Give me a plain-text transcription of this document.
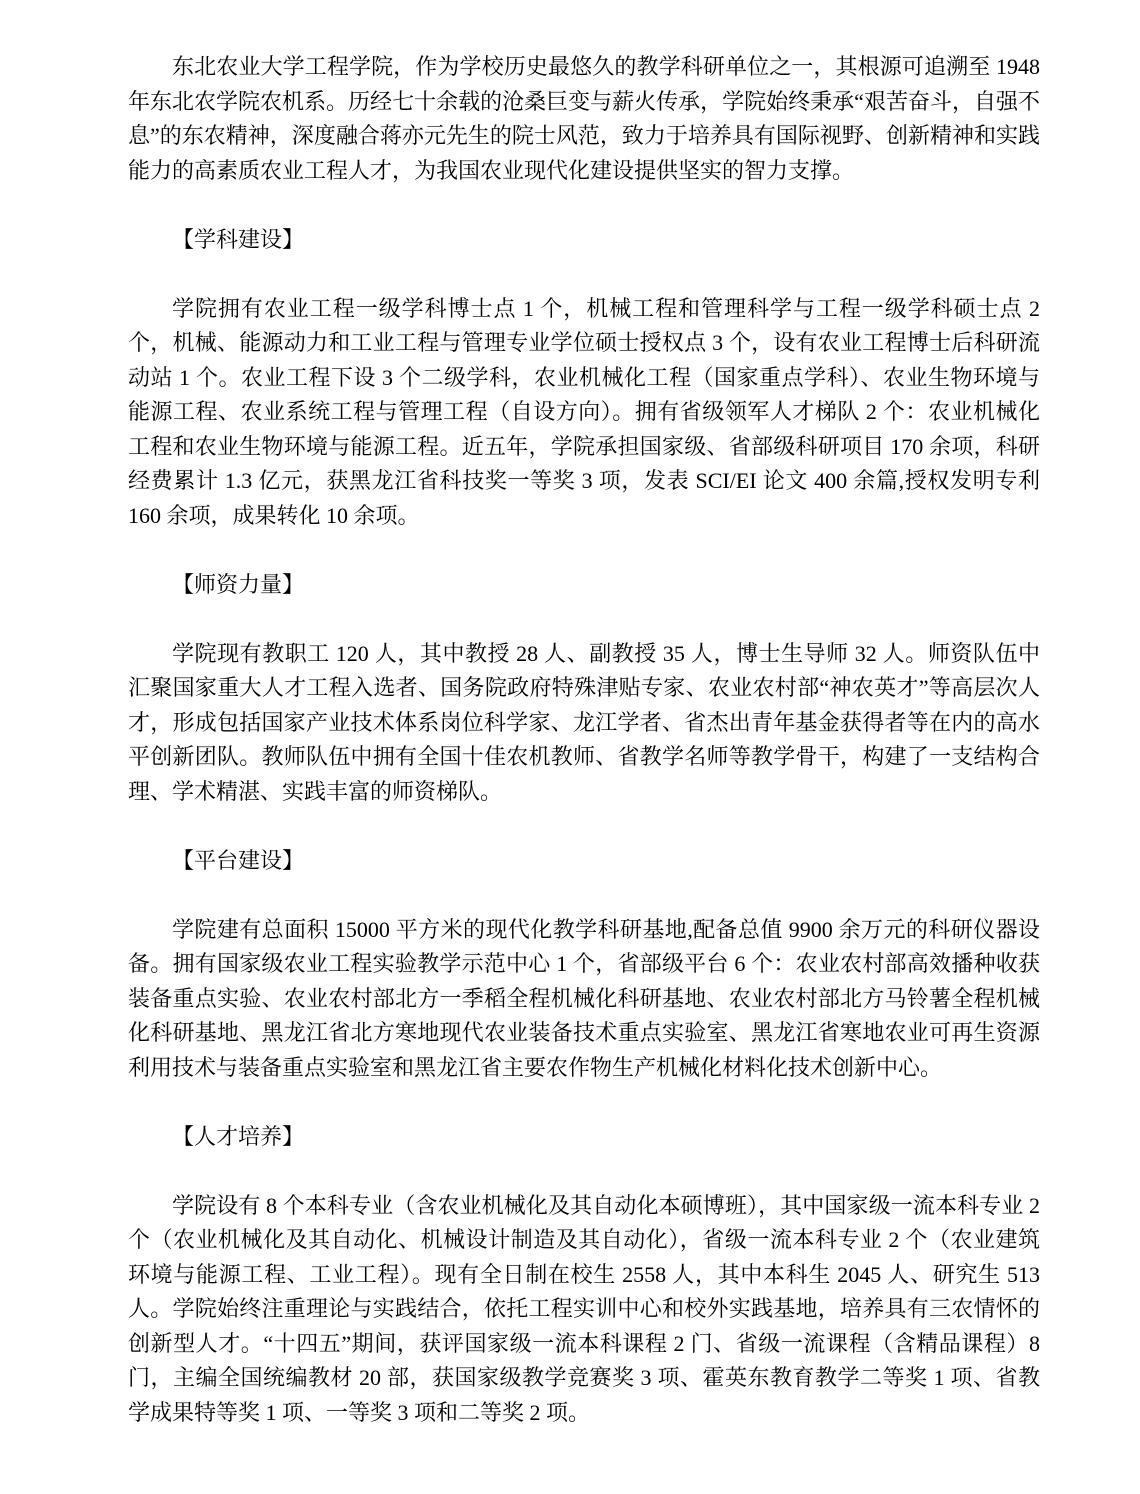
东北农业大学工程学院，作为学校历史最悠久的教学科研单位之一，其根源可追溯至 1948 年东北农学院农机系。历经七十余载的沧桑巨变与薪火传承，学院始终秉承“艰苦奋斗，自强不息”的东农精神，深度融合蒋亦元先生的院士风范，致力于培养具有国际视野、创新精神和实践能力的高素质农业工程人才，为我国农业现代化建设提供坚实的智力支撑。

【学科建设】

学院拥有农业工程一级学科博士点 1 个，机械工程和管理科学与工程一级学科硕士点 2 个，机械、能源动力和工业工程与管理专业学位硕士授权点 3 个，设有农业工程博士后科研流动站 1 个。农业工程下设 3 个二级学科，农业机械化工程（国家重点学科）、农业生物环境与能源工程、农业系统工程与管理工程（自设方向）。拥有省级领军人才梯队 2 个：农业机械化工程和农业生物环境与能源工程。近五年，学院承担国家级、省部级科研项目 170 余项，科研经费累计 1.3 亿元，获黑龙江省科技奖一等奖 3 项，发表 SCI/EI 论文 400 余篇,授权发明专利 160 余项，成果转化 10 余项。

【师资力量】

学院现有教职工 120 人，其中教授 28 人、副教授 35 人，博士生导师 32 人。师资队伍中汇聚国家重大人才工程入选者、国务院政府特殊津贴专家、农业农村部“神农英才”等高层次人才，形成包括国家产业技术体系岗位科学家、龙江学者、省杰出青年基金获得者等在内的高水平创新团队。教师队伍中拥有全国十佳农机教师、省教学名师等教学骨干，构建了一支结构合理、学术精湛、实践丰富的师资梯队。

【平台建设】

学院建有总面积 15000 平方米的现代化教学科研基地,配备总值 9900 余万元的科研仪器设备。拥有国家级农业工程实验教学示范中心 1 个，省部级平台 6 个：农业农村部高效播种收获装备重点实验、农业农村部北方一季稻全程机械化科研基地、农业农村部北方马铃薯全程机械化科研基地、黑龙江省北方寒地现代农业装备技术重点实验室、黑龙江省寒地农业可再生资源利用技术与装备重点实验室和黑龙江省主要农作物生产机械化材料化技术创新中心。

【人才培养】

学院设有 8 个本科专业（含农业机械化及其自动化本硕博班），其中国家级一流本科专业 2 个（农业机械化及其自动化、机械设计制造及其自动化），省级一流本科专业 2 个（农业建筑环境与能源工程、工业工程）。现有全日制在校生 2558 人，其中本科生 2045 人、研究生 513 人。学院始终注重理论与实践结合，依托工程实训中心和校外实践基地，培养具有三农情怀的创新型人才。“十四五”期间，获评国家级一流本科课程 2 门、省级一流课程（含精品课程）8 门，主编全国统编教材 20 部，获国家级教学竞赛奖 3 项、霍英东教育教学二等奖 1 项、省教学成果特等奖 1 项、一等奖 3 项和二等奖 2 项。
